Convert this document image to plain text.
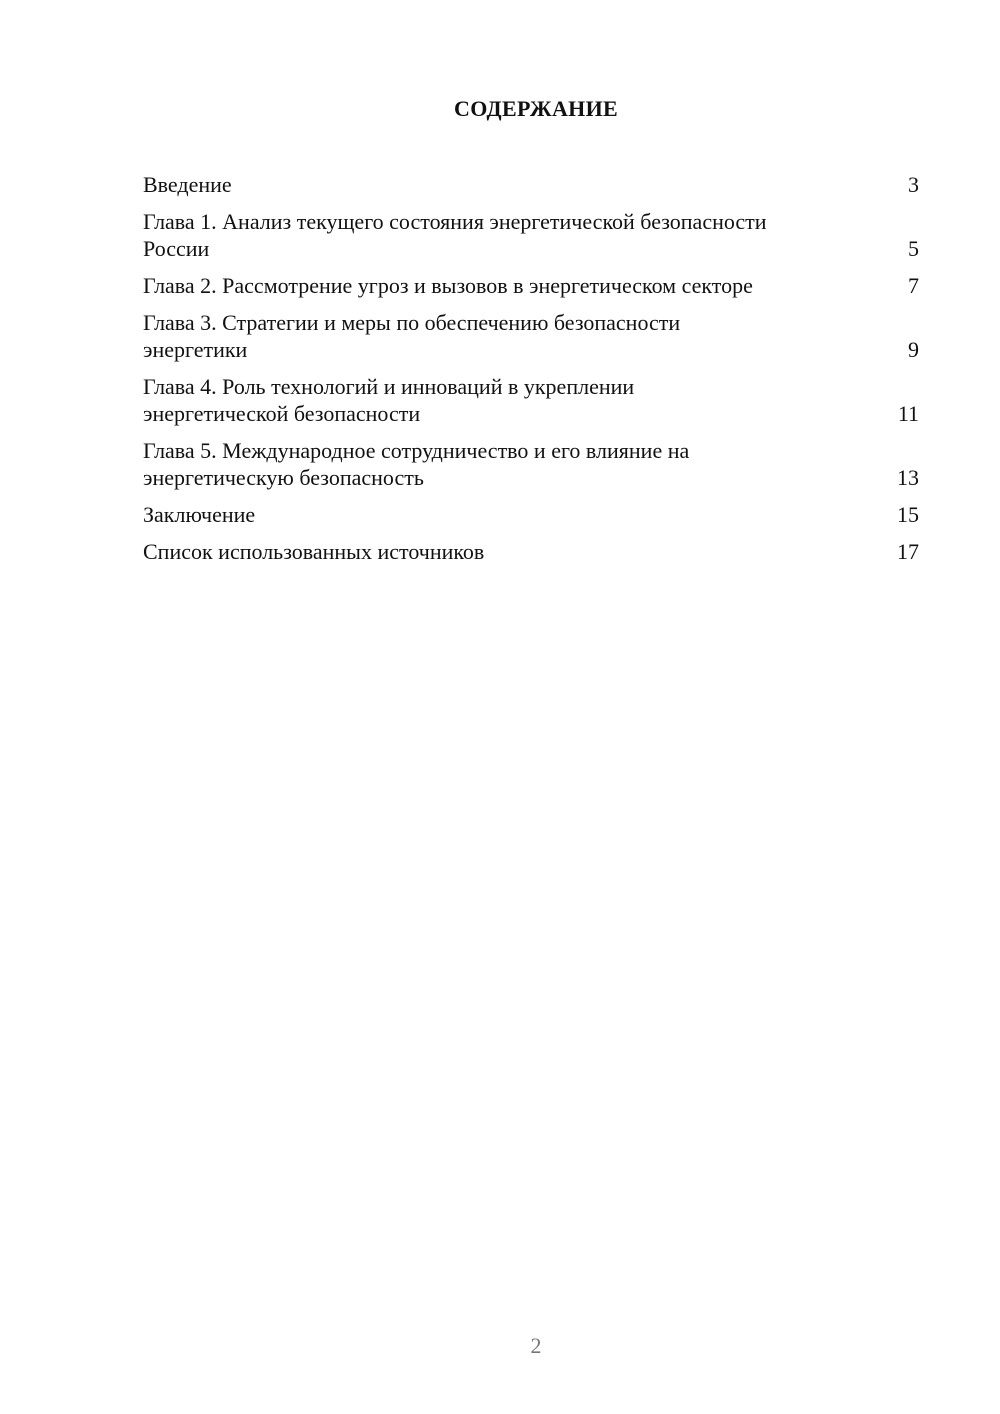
СОДЕРЖАНИЕ
Введение	3
Глава 1. Анализ текущего состояния энергетической безопасности России	5
Глава 2. Рассмотрение угроз и вызовов в энергетическом секторе	7
Глава 3. Стратегии и меры по обеспечению безопасности энергетики	9
Глава 4. Роль технологий и инноваций в укреплении энергетической безопасности	11
Глава 5. Международное сотрудничество и его влияние на энергетическую безопасность	13
Заключение	15
Список использованных источников	17
2
